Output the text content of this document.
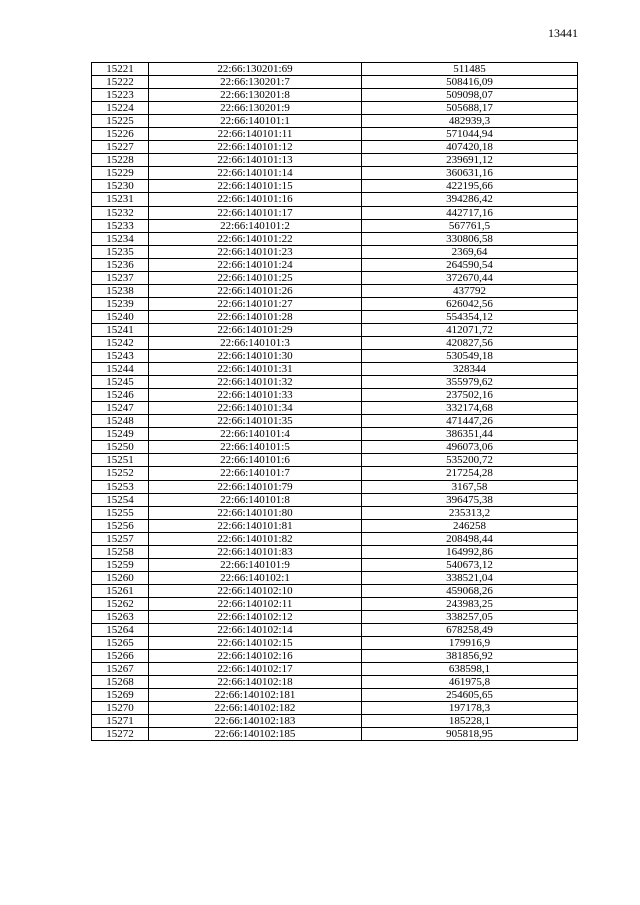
13441
15221	22:66:130201:69	511485
15222	22:66:130201:7	508416,09
15223	22:66:130201:8	509098,07
15224	22:66:130201:9	505688,17
15225	22:66:140101:1	482939,3
15226	22:66:140101:11	571044,94
15227	22:66:140101:12	407420,18
15228	22:66:140101:13	239691,12
15229	22:66:140101:14	360631,16
15230	22:66:140101:15	422195,66
15231	22:66:140101:16	394286,42
15232	22:66:140101:17	442717,16
15233	22:66:140101:2	567761,5
15234	22:66:140101:22	330806,58
15235	22:66:140101:23	2369,64
15236	22:66:140101:24	264590,54
15237	22:66:140101:25	372670,44
15238	22:66:140101:26	437792
15239	22:66:140101:27	626042,56
15240	22:66:140101:28	554354,12
15241	22:66:140101:29	412071,72
15242	22:66:140101:3	420827,56
15243	22:66:140101:30	530549,18
15244	22:66:140101:31	328344
15245	22:66:140101:32	355979,62
15246	22:66:140101:33	237502,16
15247	22:66:140101:34	332174,68
15248	22:66:140101:35	471447,26
15249	22:66:140101:4	386351,44
15250	22:66:140101:5	496073,06
15251	22:66:140101:6	535200,72
15252	22:66:140101:7	217254,28
15253	22:66:140101:79	3167,58
15254	22:66:140101:8	396475,38
15255	22:66:140101:80	235313,2
15256	22:66:140101:81	246258
15257	22:66:140101:82	208498,44
15258	22:66:140101:83	164992,86
15259	22:66:140101:9	540673,12
15260	22:66:140102:1	338521,04
15261	22:66:140102:10	459068,26
15262	22:66:140102:11	243983,25
15263	22:66:140102:12	338257,05
15264	22:66:140102:14	678258,49
15265	22:66:140102:15	179916,9
15266	22:66:140102:16	381856,92
15267	22:66:140102:17	638598,1
15268	22:66:140102:18	461975,8
15269	22:66:140102:181	254605,65
15270	22:66:140102:182	197178,3
15271	22:66:140102:183	185228,1
15272	22:66:140102:185	905818,95
